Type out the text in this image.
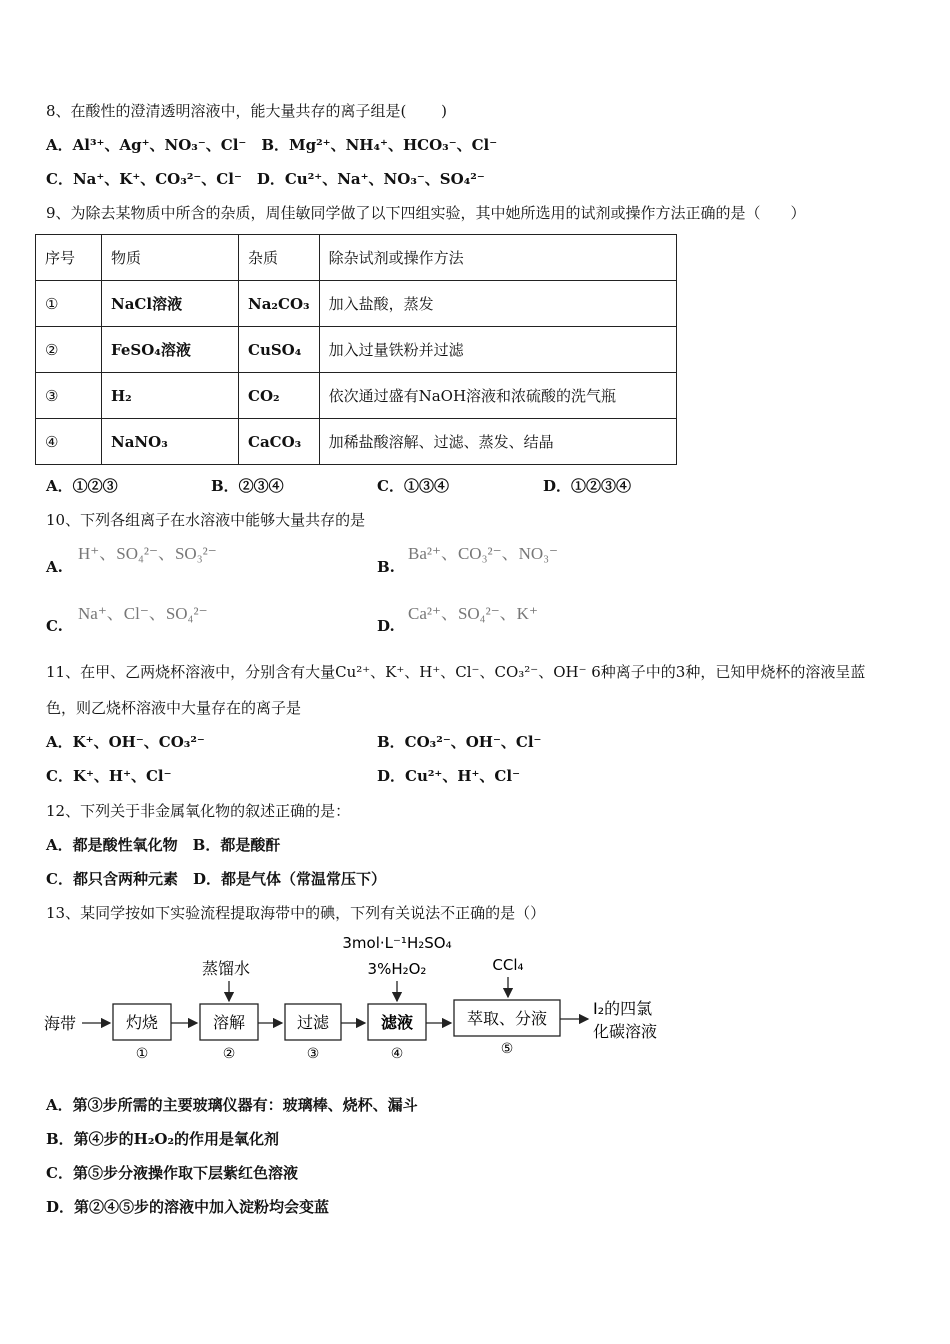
8、在酸性的澄清透明溶液中，能大量共存的离子组是(　　 )
A．Al³⁺、Ag⁺、NO₃⁻、Cl⁻　B．Mg²⁺、NH₄⁺、HCO₃⁻、Cl⁻
C．Na⁺、K⁺、CO₃²⁻、Cl⁻　D．Cu²⁺、Na⁺、NO₃⁻、SO₄²⁻
9、为除去某物质中所含的杂质，周佳敏同学做了以下四组实验，其中她所选用的试剂或操作方法正确的是（　　）
序号	物质	杂质	除杂试剂或操作方法
①	NaCl溶液	Na₂CO₃	加入盐酸，蒸发
②	FeSO₄溶液	CuSO₄	加入过量铁粉并过滤
③	H₂	CO₂	依次通过盛有NaOH溶液和浓硫酸的洗气瓶
④	NaNO₃	CaCO₃	加稀盐酸溶解、过滤、蒸发、结晶
A．①②③	B．②③④	C．①③④	D．①②③④
10、下列各组离子在水溶液中能够大量共存的是
A.
H⁺、SO₄²⁻、SO₃²⁻
B.
Ba²⁺、CO₃²⁻、NO₃⁻
C.
Na⁺、Cl⁻、SO₄²⁻
D.
Ca²⁺、SO₄²⁻、K⁺
11、在甲、乙两烧杯溶液中，分别含有大量Cu²⁺、K⁺、H⁺、Cl⁻、CO₃²⁻、OH⁻ 6种离子中的3种，已知甲烧杯的溶液呈蓝
色，则乙烧杯溶液中大量存在的离子是
A．K⁺、OH⁻、CO₃²⁻	B．CO₃²⁻、OH⁻、Cl⁻
C．K⁺、H⁺、Cl⁻	D．Cu²⁺、H⁺、Cl⁻
12、下列关于非金属氧化物的叙述正确的是：
A．都是酸性氧化物　B．都是酸酐
C．都只含两种元素　D．都是气体（常温常压下）
13、某同学按如下实验流程提取海带中的碘，下列有关说法不正确的是（）
海带	灼烧
①
蒸馏水
溶解
②
过滤
③
3mol·L⁻¹H₂SO₄
3%H₂O₂
滤液
④
CCl₄
萃取、分液
⑤
I₂的四氯
化碳溶液
A．第③步所需的主要玻璃仪器有：玻璃棒、烧杯、漏斗
B．第④步的H₂O₂的作用是氧化剂
C．第⑤步分液操作取下层紫红色溶液
D．第②④⑤步的溶液中加入淀粉均会变蓝
